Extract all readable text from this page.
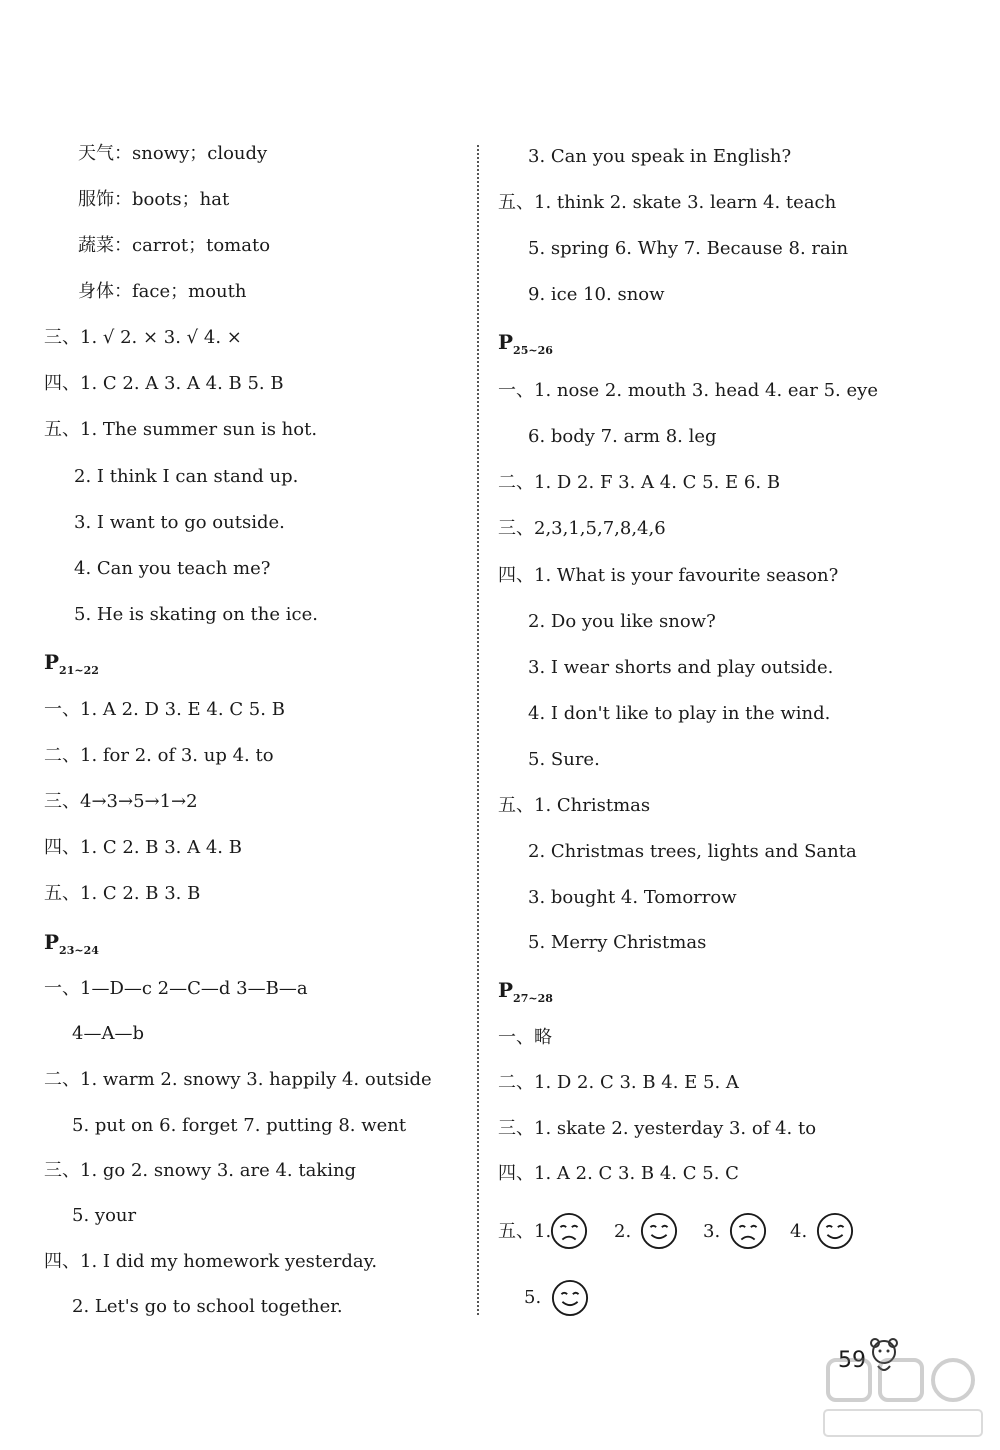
天气：snowy；cloudy
服饰：boots；hat
蔬菜：carrot；tomato
身体：face；mouth
三、1. √ 2. × 3. √ 4. ×
四、1. C 2. A 3. A 4. B 5. B
五、1. The summer sun is hot.
2. I think I can stand up.
3. I want to go outside.
4. Can you teach me?
5. He is skating on the ice.
$P_{21\sim 22}$
一、1. A 2. D 3. E 4. C 5. B
二、1. for 2. of 3. up 4. to
三、4→3→5→1→2
四、1. C 2. B 3. A 4. B
五、1. C 2. B 3. B
$P_{23\sim 24}$
一、1—D—c 2—C—d 3—B—a
4—A—b
二、1. warm 2. snowy 3. happily 4. outside
5. put on 6. forget 7. putting 8. went
三、1. go 2. snowy 3. are 4. taking
5. your
四、1. I did my homework yesterday.
2. Let's go to school together.
3. Can you speak in English?
五、1. think 2. skate 3. learn 4. teach
5. spring 6. Why 7. Because 8. rain
9. ice 10. snow
$P_{25\sim 26}$
一、1. nose 2. mouth 3. head 4. ear 5. eye
6. body 7. arm 8. leg
二、1. D 2. F 3. A 4. C 5. E 6. B
三、2,3,1,5,7,8,4,6
四、1. What is your favourite season?
2. Do you like snow?
3. I wear shorts and play outside.
4. I don't like to play in the wind.
5. Sure.
五、1. Christmas
2. Christmas trees, lights and Santa
3. bought 4. Tomorrow
5. Merry Christmas
$P_{27\sim 28}$
一、略
二、1. D 2. C 3. B 4. E 5. A
三、1. skate 2. yesterday 3. of 4. to
四、1. A 2. C 3. B 4. C 5. C
五、1.	2.	3.	4.
5.
59
